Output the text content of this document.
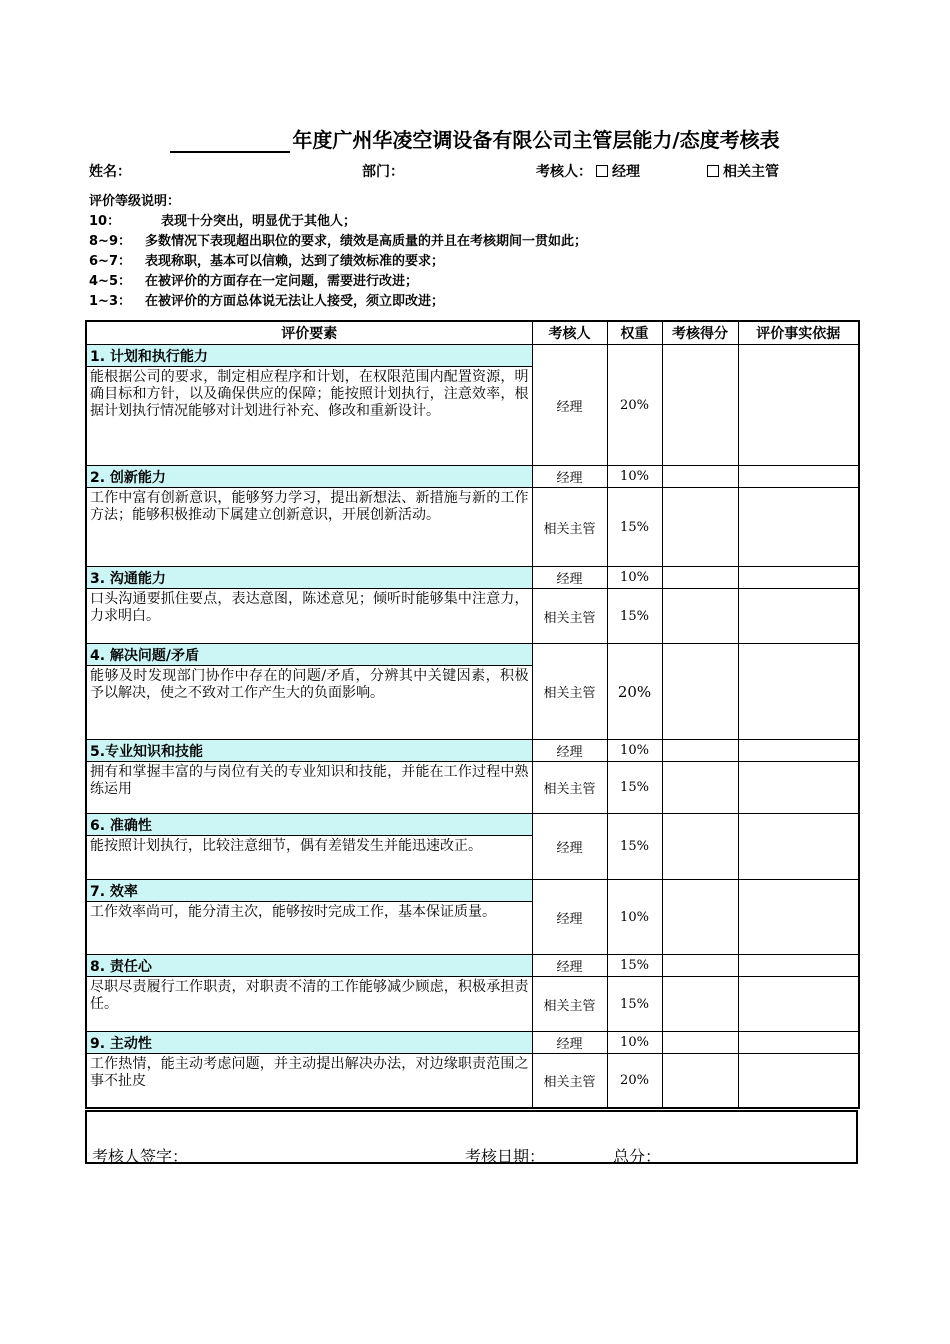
年度广州华凌空调设备有限公司主管层能力/态度考核表
姓名：	部门：	考核人： 经理	相关主管
评价等级说明：
10：	表现十分突出，明显优于其他人；
8~9： 多数情况下表现超出职位的要求，绩效是高质量的并且在考核期间一贯如此；
6~7： 表现称职，基本可以信赖，达到了绩效标准的要求；
4~5： 在被评价的方面存在一定问题，需要进行改进；
1~3： 在被评价的方面总体说无法让人接受，须立即改进；
评价要素	考核人	权重	考核得分	评价事实依据
1. 计划和执行能力	经理	20%		
能根据公司的要求，制定相应程序和计划，在权限范围内配置资源，明确目标和方针，以及确保供应的保障；能按照计划执行，注意效率，根据计划执行情况能够对计划进行补充、修改和重新设计。				
2. 创新能力	经理	10%		
工作中富有创新意识，能够努力学习，提出新想法、新措施与新的工作方法；能够积极推动下属建立创新意识，开展创新活动。	相关主管	15%		
3. 沟通能力	经理	10%		
口头沟通要抓住要点，表达意图，陈述意见；倾听时能够集中注意力，力求明白。	相关主管	15%		
4. 解决问题/矛盾	相关主管	20%		
能够及时发现部门协作中存在的问题/矛盾，分辨其中关键因素，积极予以解决，使之不致对工作产生大的负面影响。				
5.专业知识和技能	经理	10%		
拥有和掌握丰富的与岗位有关的专业知识和技能，并能在工作过程中熟练运用	相关主管	15%		
6. 准确性	经理	15%		
能按照计划执行，比较注意细节，偶有差错发生并能迅速改正。				
7. 效率	经理	10%		
工作效率尚可，能分清主次，能够按时完成工作，基本保证质量。				
8. 责任心	经理	15%		
尽职尽责履行工作职责，对职责不清的工作能够减少顾虑，积极承担责任。	相关主管	15%		
9. 主动性	经理	10%		
工作热情，能主动考虑问题，并主动提出解决办法，对边缘职责范围之事不扯皮	相关主管	20%		
考核人签字：	考核日期：	总分：
